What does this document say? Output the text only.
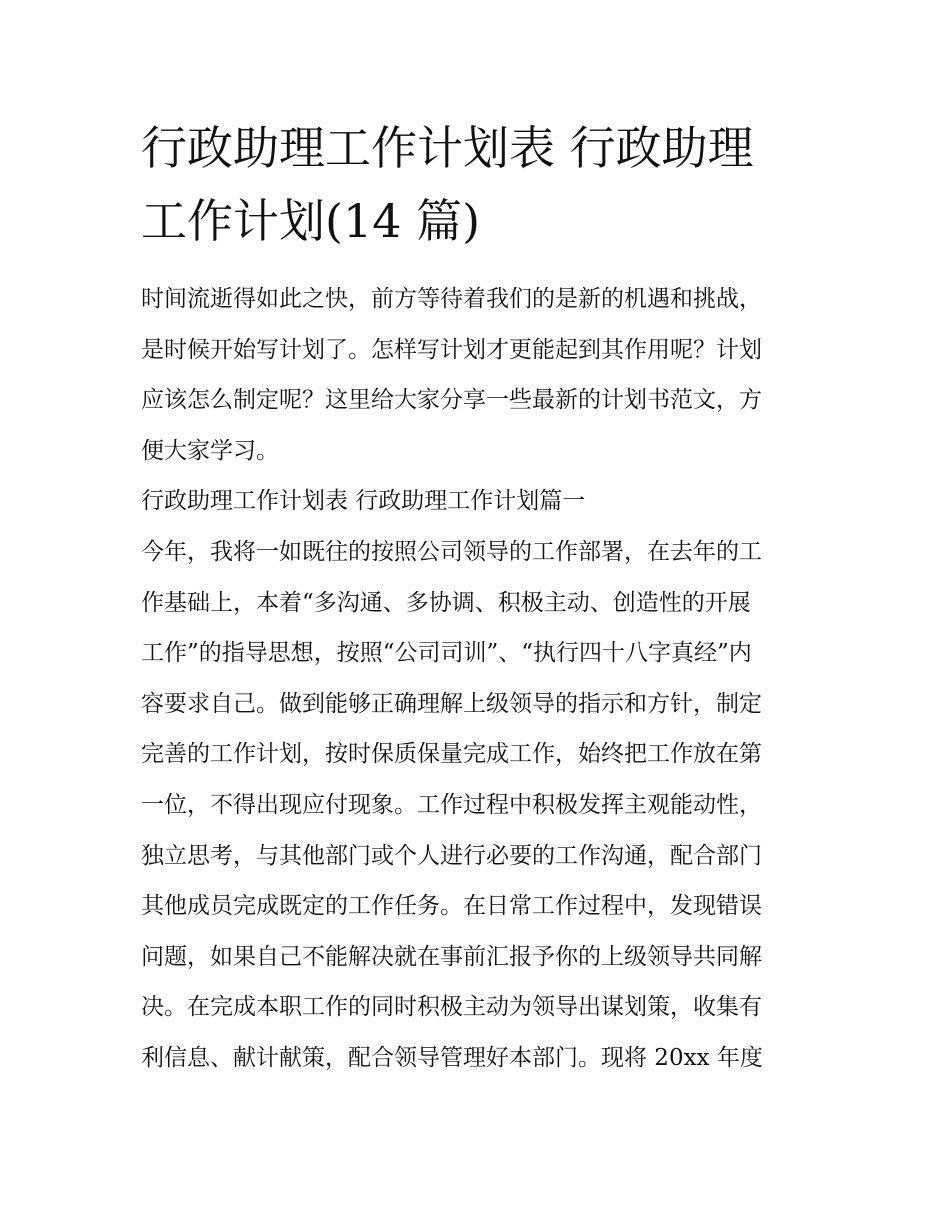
行政助理工作计划表 行政助理
工作计划(14 篇)
时间流逝得如此之快，前方等待着我们的是新的机遇和挑战，
是时候开始写计划了。怎样写计划才更能起到其作用呢？计划
应该怎么制定呢？这里给大家分享一些最新的计划书范文，方
便大家学习。
行政助理工作计划表 行政助理工作计划篇一
今年，我将一如既往的按照公司领导的工作部署，在去年的工
作基础上，本着“多沟通、多协调、积极主动、创造性的开展
工作”的指导思想，按照“公司司训”、“执行四十八字真经”内
容要求自己。做到能够正确理解上级领导的指示和方针，制定
完善的工作计划，按时保质保量完成工作，始终把工作放在第
一位，不得出现应付现象。工作过程中积极发挥主观能动性，
独立思考，与其他部门或个人进行必要的工作沟通，配合部门
其他成员完成既定的工作任务。在日常工作过程中，发现错误
问题，如果自己不能解决就在事前汇报予你的上级领导共同解
决。在完成本职工作的同时积极主动为领导出谋划策，收集有
利信息、献计献策，配合领导管理好本部门。现将 20xx 年度
